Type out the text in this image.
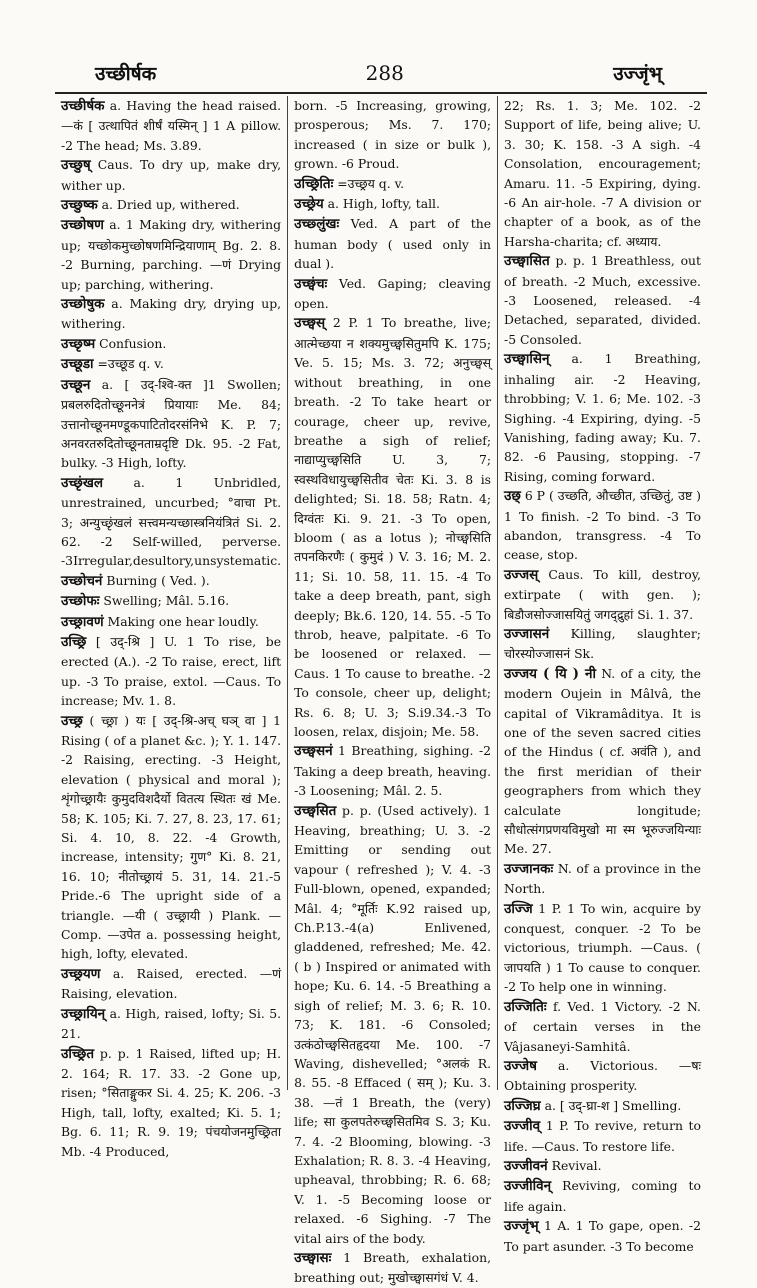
उच्छीर्षक	288	उज्जृंभ्

उच्छीर्षक a. Having the head raised. —कं [ उत्थापितं शीर्षं यस्मिन् ] 1 A pillow. -2 The head; Ms. 3.89.

उच्छुष् Caus. To dry up, make dry, wither up.

उच्छुष्क a. Dried up, withered.

उच्छोषण a. 1 Making dry, withering up; यच्छोकमुच्छोषणमिन्द्रियाणाम् Bg. 2. 8. -2 Burning, parching. —णं Drying up; parching, withering.

उच्छोषुक a. Making dry, drying up, withering.

उच्छृष्म Confusion.

उच्छूडा =उच्छूड q. v.

उच्छून a. [ उद्-श्वि-क्त ]1 Swollen; प्रबलरुदितोच्छूननेत्रं प्रियायाः Me. 84; उत्तानोच्छूनमण्डूकपाटितोदरसंनिभे K. P. 7; अनवरतरुदितोच्छूनताम्रदृष्टि Dk. 95. -2 Fat, bulky. -3 High, lofty.

उच्छृंखल a. 1 Unbridled, unrestrained, uncurbed; °वाचा Pt. 3; अन्युच्छृंखलं सत्त्वमन्यच्छास्त्रनियंत्रितं Si. 2. 62. -2 Self-willed, perverse. -3Irregular,desultory,unsystematic.

उच्छोचनं Burning ( Ved. ).

उच्छोफः Swelling; Mâl. 5.16.

उच्छ्रावणं Making one hear loudly.

उच्छ्रि [ उद्-श्रि ] U. 1 To rise, be erected (A.). -2 To raise, erect, lift up. -3 To praise, extol. —Caus. To increase; Mv. 1. 8.

उच्छ्र ( च्छ्रा ) यः [ उद्-श्रि-अच् घञ् वा ] 1 Rising ( of a planet &c. ); Y. 1. 147. -2 Raising, erecting. -3 Height, elevation ( physical and moral ); शृंगोच्छ्रायैः कुमुदविशदैर्यो वितत्य स्थितः खं Me. 58; K. 105; Ki. 7. 27, 8. 23, 17. 61; Si. 4. 10, 8. 22. -4 Growth, increase, intensity; गुण° Ki. 8. 21, 16. 10; नीतोच्छ्रायं 5. 31, 14. 21.-5 Pride.-6 The upright side of a triangle. —यी ( उच्छ्रायी ) Plank. —Comp. —उपेत a. possessing height, high, lofty, elevated.

उच्छ्रयण a. Raised, erected. —णं Raising, elevation.

उच्छ्रायिन् a. High, raised, lofty; Si. 5. 21.

उच्छ्रित p. p. 1 Raised, lifted up; H. 2. 164; R. 17. 33. -2 Gone up, risen; °सिताङ्गुकर Si. 4. 25; K. 206. -3 High, tall, lofty, exalted; Ki. 5. 1; Bg. 6. 11; R. 9. 19; पंचयोजनमुच्छ्रिता Mb. -4 Produced,

born. -5 Increasing, growing, prosperous; Ms. 7. 170; increased ( in size or bulk ), grown. -6 Proud.

उच्छ्रितिः =उच्छ्रय q. v.

उच्छ्रेय a. High, lofty, tall.

उच्छ्लुंखः Ved. A part of the human body ( used only in dual ).

उच्छ्वंचः Ved. Gaping; cleaving open.

उच्छ्वस् 2 P. 1 To breathe, live; आत्मेच्छया न शक्यमुच्छ्वसितुमपि K. 175; Ve. 5. 15; Ms. 3. 72; अनुच्छ्वस् without breathing, in one breath. -2 To take heart or courage, cheer up, revive, breathe a sigh of relief; नाद्याप्युच्छ्वसिति U. 3, 7; स्वस्थविधायुच्छ्वसितीव चेतः Ki. 3. 8 is delighted; Si. 18. 58; Ratn. 4; दिग्वंतः Ki. 9. 21. -3 To open, bloom ( as a lotus ); नोच्छ्वसिति तपनकिरणैः ( कुमुदं ) V. 3. 16; M. 2. 11; Si. 10. 58, 11. 15. -4 To take a deep breath, pant, sigh deeply; Bk.6. 120, 14. 55. -5 To throb, heave, palpitate. -6 To be loosened or relaxed. —Caus. 1 To cause to breathe. -2 To console, cheer up, delight; Rs. 6. 8; U. 3; S.i9.34.-3 To loosen, relax, disjoin; Me. 58.

उच्छ्वसनं 1 Breathing, sighing. -2 Taking a deep breath, heaving. -3 Loosening; Mâl. 2. 5.

उच्छ्वसित p. p. (Used actively). 1 Heaving, breathing; U. 3. -2 Emitting or sending out vapour ( refreshed ); V. 4. -3 Full-blown, opened, expanded; Mâl. 4; °मूर्तिः K.92 raised up, Ch.P.13.-4(a) Enlivened, gladdened, refreshed; Me. 42. ( b ) Inspired or animated with hope; Ku. 6. 14. -5 Breathing a sigh of relief; M. 3. 6; R. 10. 73; K. 181. -6 Consoled; उत्कंठोच्छ्वसितहृदया Me. 100. -7 Waving, dishevelled; °अलकं R. 8. 55. -8 Effaced ( सम् ); Ku. 3. 38. —तं 1 Breath, the (very) life; सा कुलपतेरुच्छ्वसितमिव S. 3; Ku. 7. 4. -2 Blooming, blowing. -3 Exhalation; R. 8. 3. -4 Heaving, upheaval, throbbing; R. 6. 68; V. 1. -5 Becoming loose or relaxed. -6 Sighing. -7 The vital airs of the body.

उच्छ्वासः 1 Breath, exhalation, breathing out; मुखोच्छ्वासगंधं V. 4.

22; Rs. 1. 3; Me. 102. -2 Support of life, being alive; U. 3. 30; K. 158. -3 A sigh. -4 Consolation, encouragement; Amaru. 11. -5 Expiring, dying. -6 An air-hole. -7 A division or chapter of a book, as of the Harsha-charita; cf. अध्याय.

उच्छ्वासित p. p. 1 Breathless, out of breath. -2 Much, excessive. -3 Loosened, released. -4 Detached, separated, divided. -5 Consoled.

उच्छ्वासिन् a. 1 Breathing, inhaling air. -2 Heaving, throbbing; V. 1. 6; Me. 102. -3 Sighing. -4 Expiring, dying. -5 Vanishing, fading away; Ku. 7. 82. -6 Pausing, stopping. -7 Rising, coming forward.

उछ् 6 P ( उच्छति, औच्छीत, उच्छितुं, उष्ट ) 1 To finish. -2 To bind. -3 To abandon, transgress. -4 To cease, stop.

उज्जस् Caus. To kill, destroy, extirpate ( with gen. ); बिडौजसोज्जासयितुं जगद्द्रुहां Si. 1. 37.

उज्जासनं Killing, slaughter; चोरस्योज्जासनं Sk.

उज्जय ( यि ) नी N. of a city, the modern Oujein in Mâlvâ, the capital of Vikramâditya. It is one of the seven sacred cities of the Hindus ( cf. अवंति ), and the first meridian of their geographers from which they calculate longitude; सौधोत्संगप्रणयविमुखो मा स्म भूरुज्जयिन्याः Me. 27.

उज्जानकः N. of a province in the North.

उज्जि 1 P. 1 To win, acquire by conquest, conquer. -2 To be victorious, triumph. —Caus. ( जापयति ) 1 To cause to conquer. -2 To help one in winning.

उज्जितिः f. Ved. 1 Victory. -2 N. of certain verses in the Vâjasaneyi-Samhitâ.

उज्जेष a. Victorious. —षः Obtaining prosperity.

उज्जिघ्र a. [ उद्-घ्रा-श ] Smelling.

उज्जीव् 1 P. To revive, return to life. —Caus. To restore life.

उज्जीवनं Revival.

उज्जीविन् Reviving, coming to life again.

उज्जृंभ् 1 A. 1 To gape, open. -2 To part asunder. -3 To become
